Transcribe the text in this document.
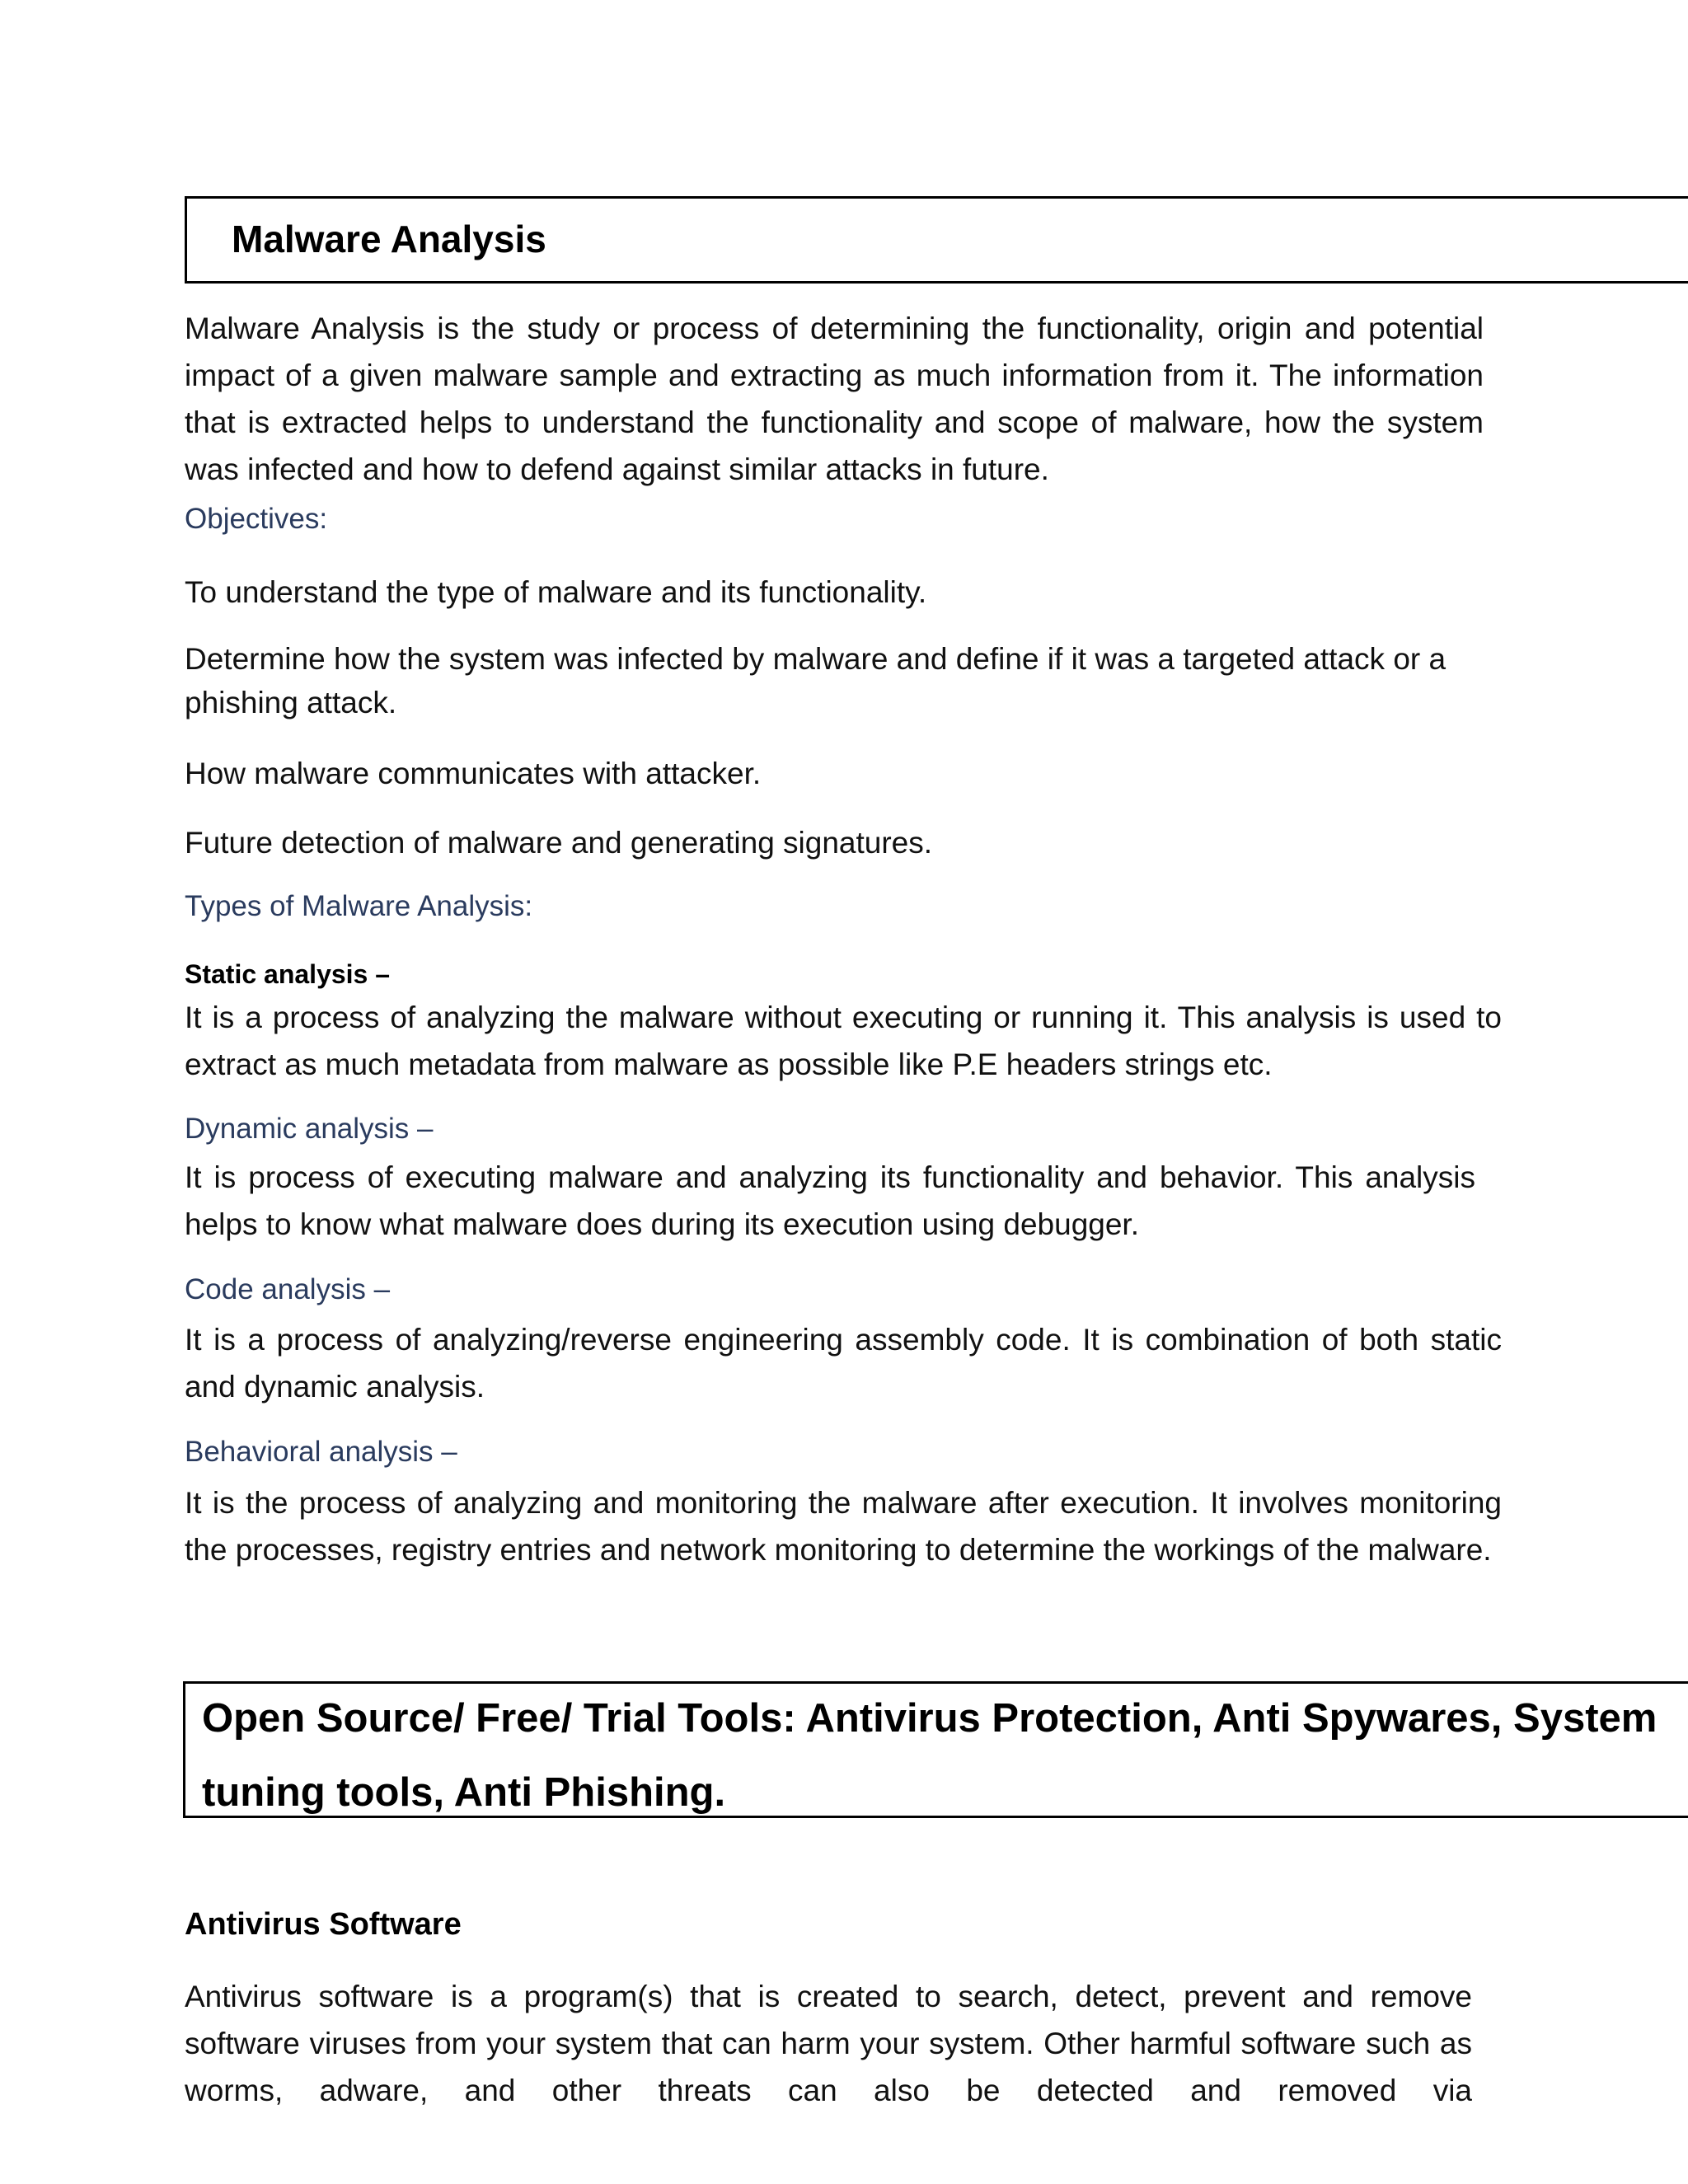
Malware Analysis
Malware Analysis is the study or process of determining the functionality, origin and potential impact of a given malware sample and extracting as much information from it. The information that is extracted helps to understand the functionality and scope of malware, how the system was infected and how to defend against similar attacks in future.
Objectives:
To understand the type of malware and its functionality.
Determine how the system was infected by malware and define if it was a targeted attack or a phishing attack.
How malware communicates with attacker.
Future detection of malware and generating signatures.
Types of Malware Analysis:
Static analysis –
It is a process of analyzing the malware without executing or running it. This analysis is used to extract as much metadata from malware as possible like P.E headers strings etc.
Dynamic analysis –
It is process of executing malware and analyzing its functionality and behavior. This analysis helps to know what malware does during its execution using debugger.
Code analysis –
It is a process of analyzing/reverse engineering assembly code. It is combination of both static and dynamic analysis.
Behavioral analysis –
It is the process of analyzing and monitoring the malware after execution. It involves monitoring the processes, registry entries and network monitoring to determine the workings of the malware.
Open Source/ Free/ Trial Tools: Antivirus Protection, Anti Spywares, System
tuning tools, Anti Phishing.
Antivirus Software
Antivirus software is a program(s) that is created to search, detect, prevent and remove software viruses from your system that can harm your system. Other harmful software such as worms, adware, and other threats can also be detected and removed via
